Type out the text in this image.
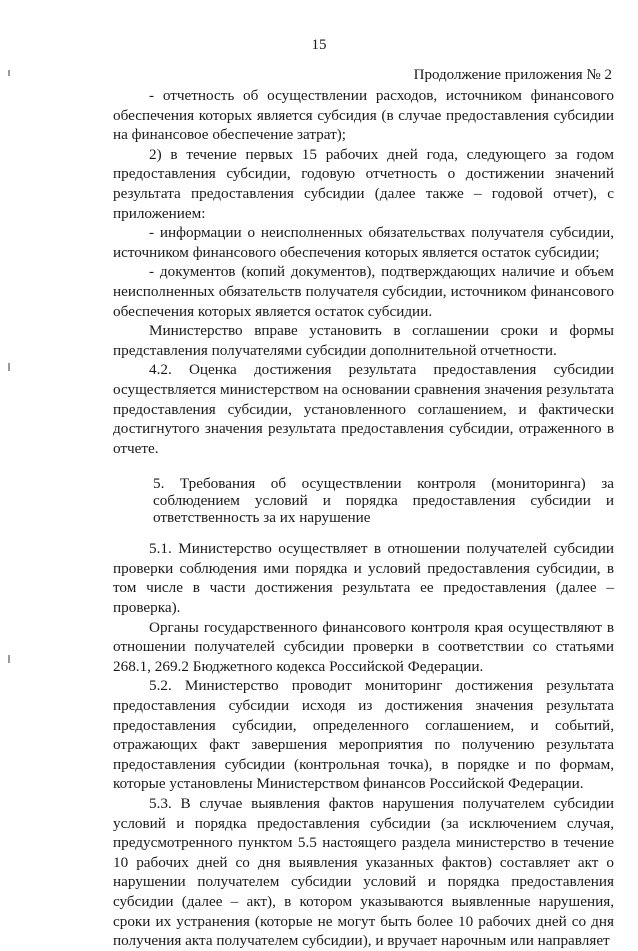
15
Продолжение приложения № 2

- отчетность об осуществлении расходов, источником финансового обеспечения которых является субсидия (в случае предоставления субсидии на финансовое обеспечение затрат);

2) в течение первых 15 рабочих дней года, следующего за годом предоставления субсидии, годовую отчетность о достижении значений результата предоставления субсидии (далее также – годовой отчет), с приложением:

- информации о неисполненных обязательствах получателя субсидии, источником финансового обеспечения которых является остаток субсидии;

- документов (копий документов), подтверждающих наличие и объем неисполненных обязательств получателя субсидии, источником финансового обеспечения которых является остаток субсидии.

Министерство вправе установить в соглашении сроки и формы представления получателями субсидии дополнительной отчетности.

4.2. Оценка достижения результата предоставления субсидии осуществляется министерством на основании сравнения значения результата предоставления субсидии, установленного соглашением, и фактически достигнутого значения результата предоставления субсидии, отраженного в отчете.

5. Требования об осуществлении контроля (мониторинга) за соблюдением условий и порядка предоставления субсидии и ответственность за их нарушение

5.1. Министерство осуществляет в отношении получателей субсидии проверки соблюдения ими порядка и условий предоставления субсидии, в том числе в части достижения результата ее предоставления (далее – проверка).

Органы государственного финансового контроля края осуществляют в отношении получателей субсидии проверки в соответствии со статьями 268.1, 269.2 Бюджетного кодекса Российской Федерации.

5.2. Министерство проводит мониторинг достижения результата предоставления субсидии исходя из достижения значения результата предоставления субсидии, определенного соглашением, и событий, отражающих факт завершения мероприятия по получению результата предоставления субсидии (контрольная точка), в порядке и по формам, которые установлены Министерством финансов Российской Федерации.

5.3. В случае выявления фактов нарушения получателем субсидии условий и порядка предоставления субсидии (за исключением случая, предусмотренного пунктом 5.5 настоящего раздела министерство в течение 10 рабочих дней со дня выявления указанных фактов) составляет акт о нарушении получателем субсидии условий и порядка предоставления субсидии (далее – акт), в котором указываются выявленные нарушения, сроки их устранения (которые не могут быть более 10 рабочих дней со дня получения акта получателем субсидии), и вручает нарочным или направляет
